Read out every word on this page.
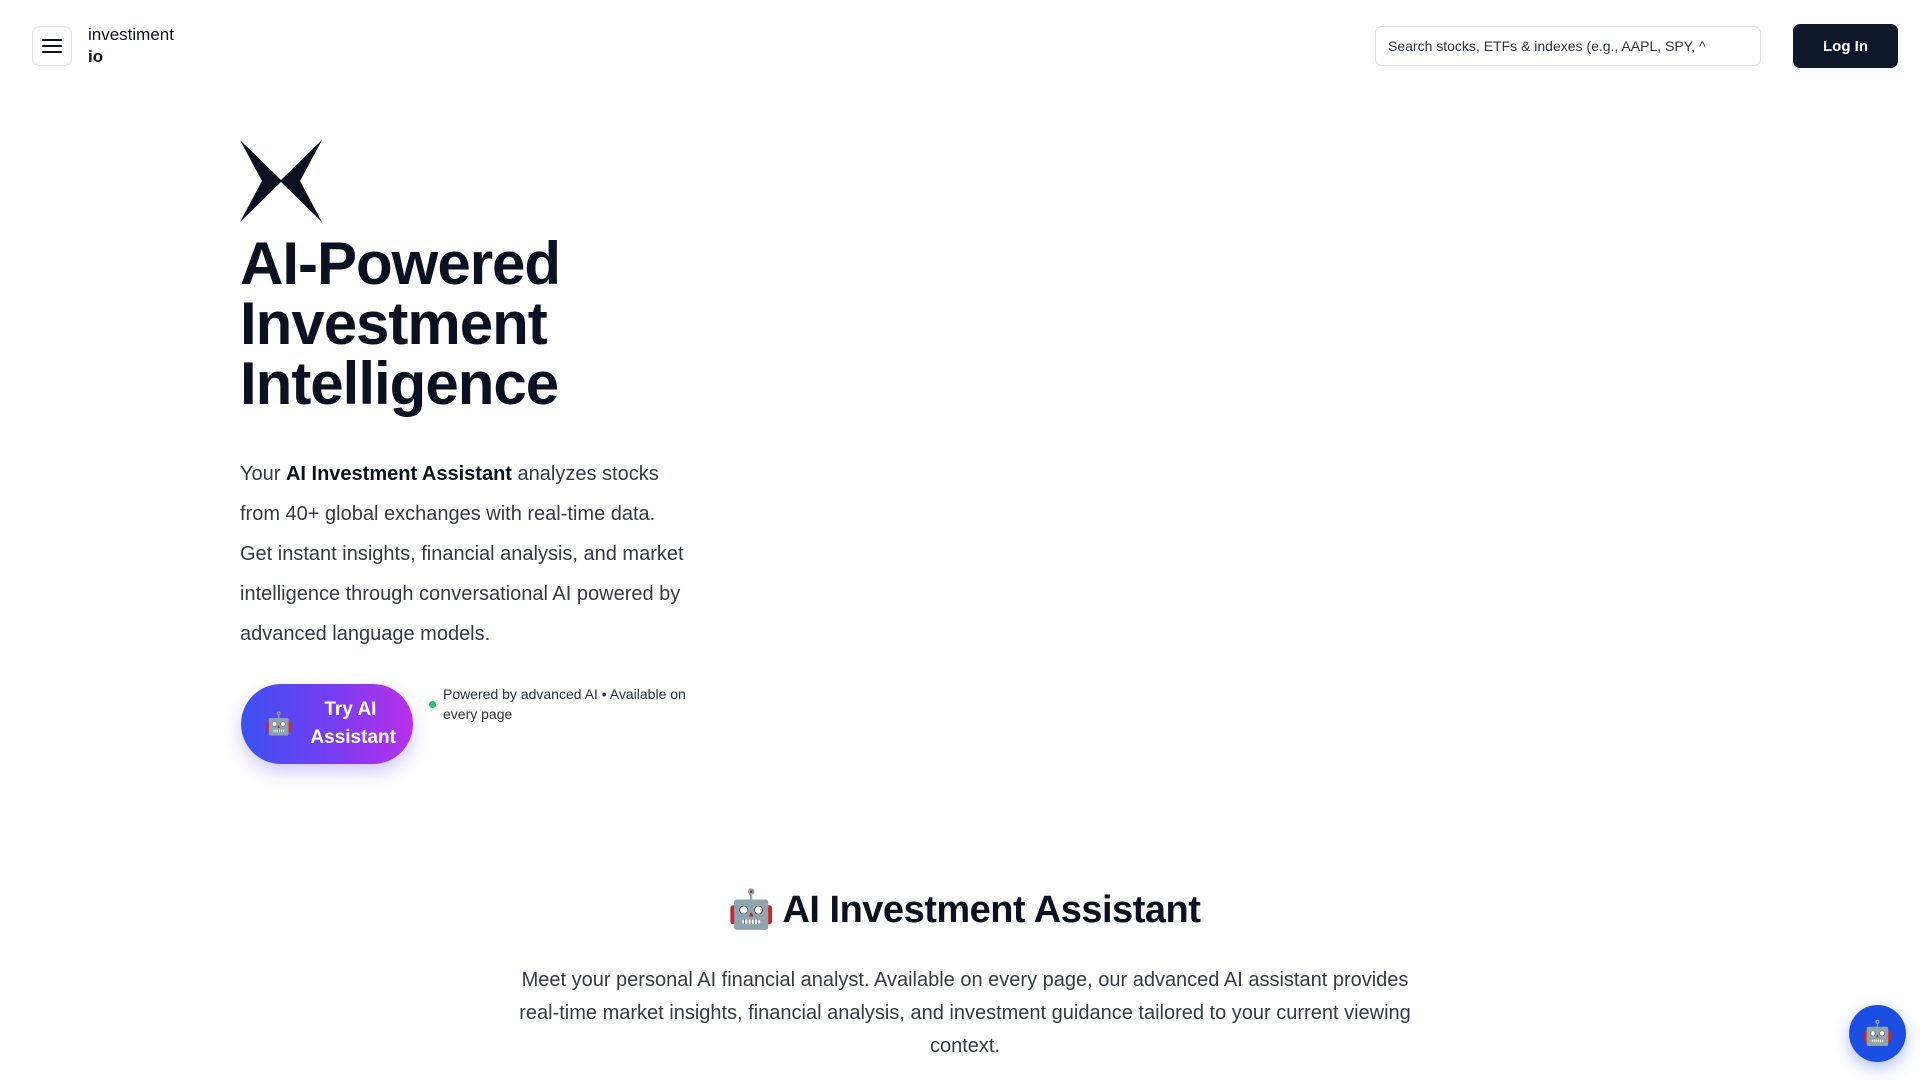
investiment
io
Search stocks, ETFs & indexes (e.g., AAPL, SPY, ^
Log In
AI-Powered
Investment
Intelligence

Your AI Investment Assistant analyzes stocks from 40+ global exchanges with real-time data. Get instant insights, financial analysis, and market intelligence through conversational AI powered by advanced language models.

🤖
Try AI Assistant
Powered by advanced AI • Available on every page
🤖 AI Investment Assistant

Meet your personal AI financial analyst. Available on every page, our advanced AI assistant provides real-time market insights, financial analysis, and investment guidance tailored to your current viewing context.	🤖
